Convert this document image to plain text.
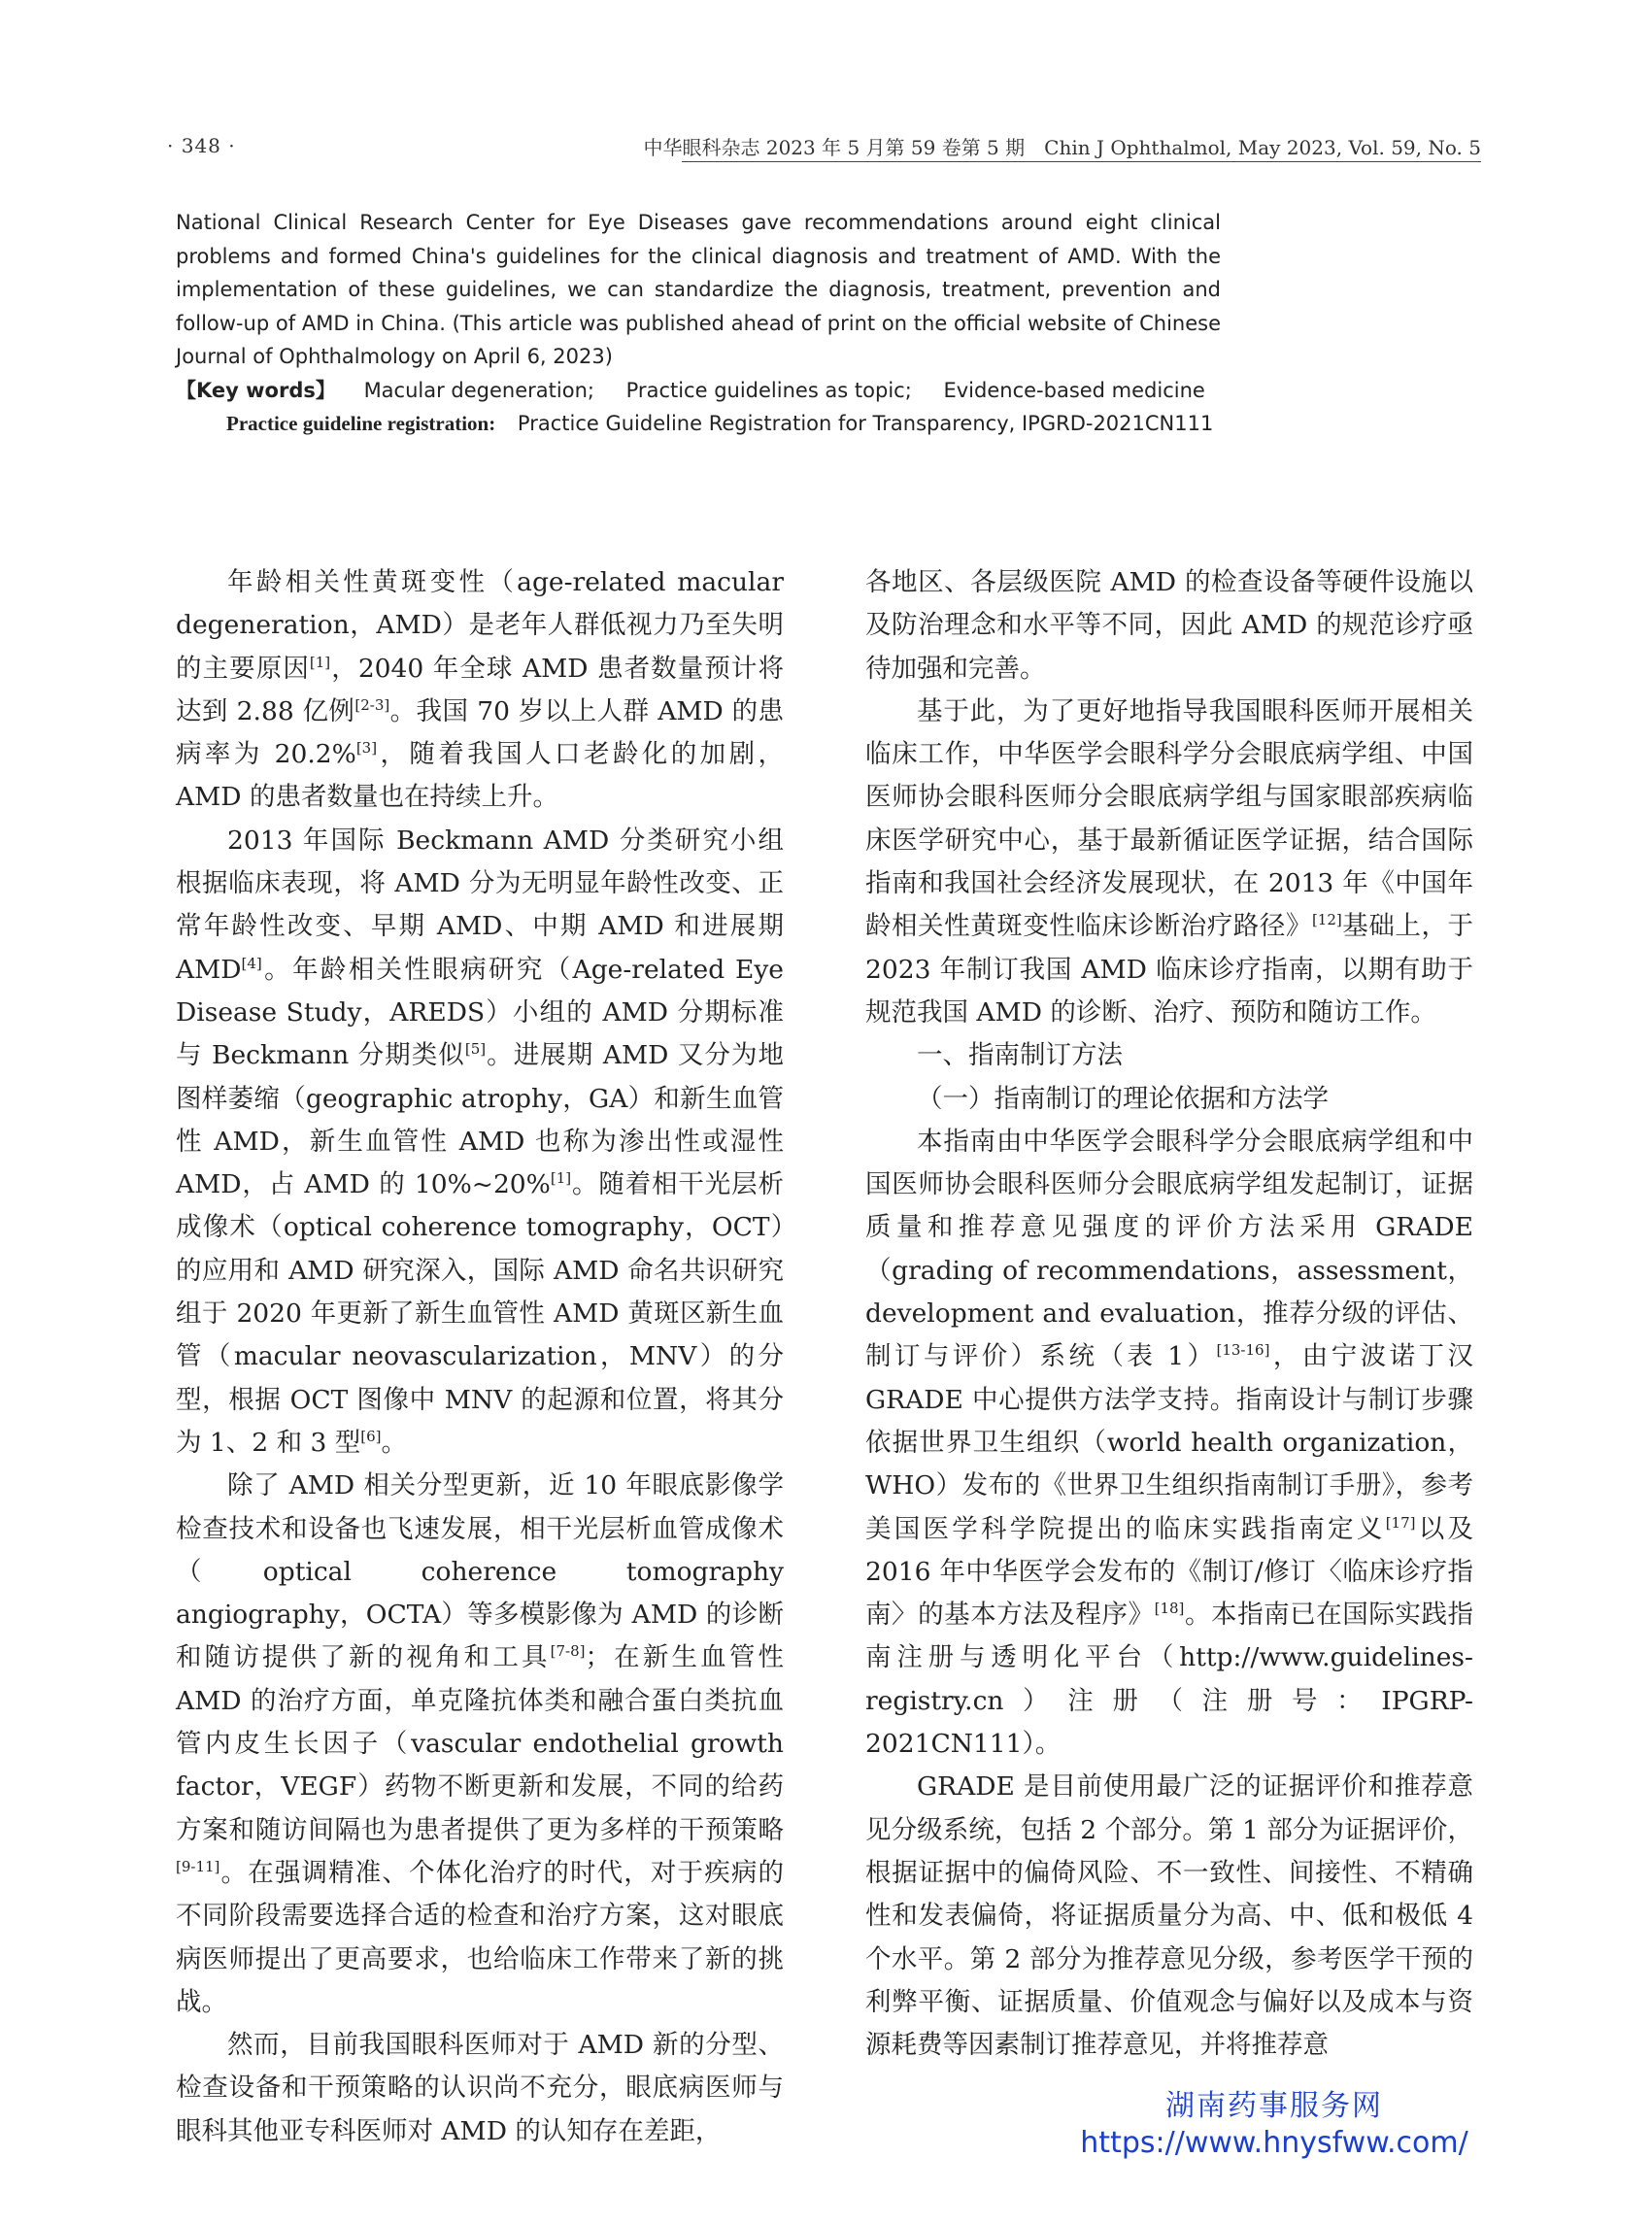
· 348 ·	中华眼科杂志 2023 年 5 月第 59 卷第 5 期　Chin J Ophthalmol, May 2023, Vol. 59, No. 5

National Clinical Research Center for Eye Diseases gave recommendations around eight clinical problems and formed China's guidelines for the clinical diagnosis and treatment of AMD. With the implementation of these guidelines, we can standardize the diagnosis, treatment, prevention and follow-up of AMD in China. (This article was published ahead of print on the official website of Chinese Journal of Ophthalmology on April 6, 2023)

【Key words】 Macular degeneration; Practice guidelines as topic; Evidence-based medicine

Practice guideline registration: Practice Guideline Registration for Transparency, IPGRD-2021CN111

年龄相关性黄斑变性（age-related macular degeneration，AMD）是老年人群低视力乃至失明的主要原因[1]，2040 年全球 AMD 患者数量预计将达到 2.88 亿例[2-3]。我国 70 岁以上人群 AMD 的患病率为 20.2%[3]，随着我国人口老龄化的加剧，AMD 的患者数量也在持续上升。

2013 年国际 Beckmann AMD 分类研究小组根据临床表现，将 AMD 分为无明显年龄性改变、正常年龄性改变、早期 AMD、中期 AMD 和进展期 AMD[4]。年龄相关性眼病研究（Age-related Eye Disease Study，AREDS）小组的 AMD 分期标准与 Beckmann 分期类似[5]。进展期 AMD 又分为地图样萎缩（geographic atrophy，GA）和新生血管性 AMD，新生血管性 AMD 也称为渗出性或湿性 AMD，占 AMD 的 10%~20%[1]。随着相干光层析成像术（optical coherence tomography，OCT）的应用和 AMD 研究深入，国际 AMD 命名共识研究组于 2020 年更新了新生血管性 AMD 黄斑区新生血管（macular neovascularization，MNV）的分型，根据 OCT 图像中 MNV 的起源和位置，将其分为 1、2 和 3 型[6]。

除了 AMD 相关分型更新，近 10 年眼底影像学检查技术和设备也飞速发展，相干光层析血管成像术（optical coherence tomography angiography，OCTA）等多模影像为 AMD 的诊断和随访提供了新的视角和工具[7-8]；在新生血管性 AMD 的治疗方面，单克隆抗体类和融合蛋白类抗血管内皮生长因子（vascular endothelial growth factor，VEGF）药物不断更新和发展，不同的给药方案和随访间隔也为患者提供了更为多样的干预策略[9-11]。在强调精准、个体化治疗的时代，对于疾病的不同阶段需要选择合适的检查和治疗方案，这对眼底病医师提出了更高要求，也给临床工作带来了新的挑战。

然而，目前我国眼科医师对于 AMD 新的分型、检查设备和干预策略的认识尚不充分，眼底病医师与眼科其他亚专科医师对 AMD 的认知存在差距，

各地区、各层级医院 AMD 的检查设备等硬件设施以及防治理念和水平等不同，因此 AMD 的规范诊疗亟待加强和完善。

基于此，为了更好地指导我国眼科医师开展相关临床工作，中华医学会眼科学分会眼底病学组、中国医师协会眼科医师分会眼底病学组与国家眼部疾病临床医学研究中心，基于最新循证医学证据，结合国际指南和我国社会经济发展现状，在 2013 年《中国年龄相关性黄斑变性临床诊断治疗路径》[12]基础上，于 2023 年制订我国 AMD 临床诊疗指南，以期有助于规范我国 AMD 的诊断、治疗、预防和随访工作。

一、指南制订方法

（一）指南制订的理论依据和方法学

本指南由中华医学会眼科学分会眼底病学组和中国医师协会眼科医师分会眼底病学组发起制订，证据质量和推荐意见强度的评价方法采用 GRADE（grading of recommendations，assessment，development and evaluation，推荐分级的评估、制订与评价）系统（表 1）[13-16]，由宁波诺丁汉 GRADE 中心提供方法学支持。指南设计与制订步骤依据世界卫生组织（world health organization，WHO）发布的《世界卫生组织指南制订手册》，参考美国医学科学院提出的临床实践指南定义[17]以及 2016 年中华医学会发布的《制订/修订〈临床诊疗指南〉的基本方法及程序》[18]。本指南已在国际实践指南注册与透明化平台（http://www.guidelines-registry.cn）注册（注册号：IPGRP-2021CN111）。

GRADE 是目前使用最广泛的证据评价和推荐意见分级系统，包括 2 个部分。第 1 部分为证据评价，根据证据中的偏倚风险、不一致性、间接性、不精确性和发表偏倚，将证据质量分为高、中、低和极低 4 个水平。第 2 部分为推荐意见分级，参考医学干预的利弊平衡、证据质量、价值观念与偏好以及成本与资源耗费等因素制订推荐意见，并将推荐意

湖南药事服务网
https://www.hnysfww.com/
